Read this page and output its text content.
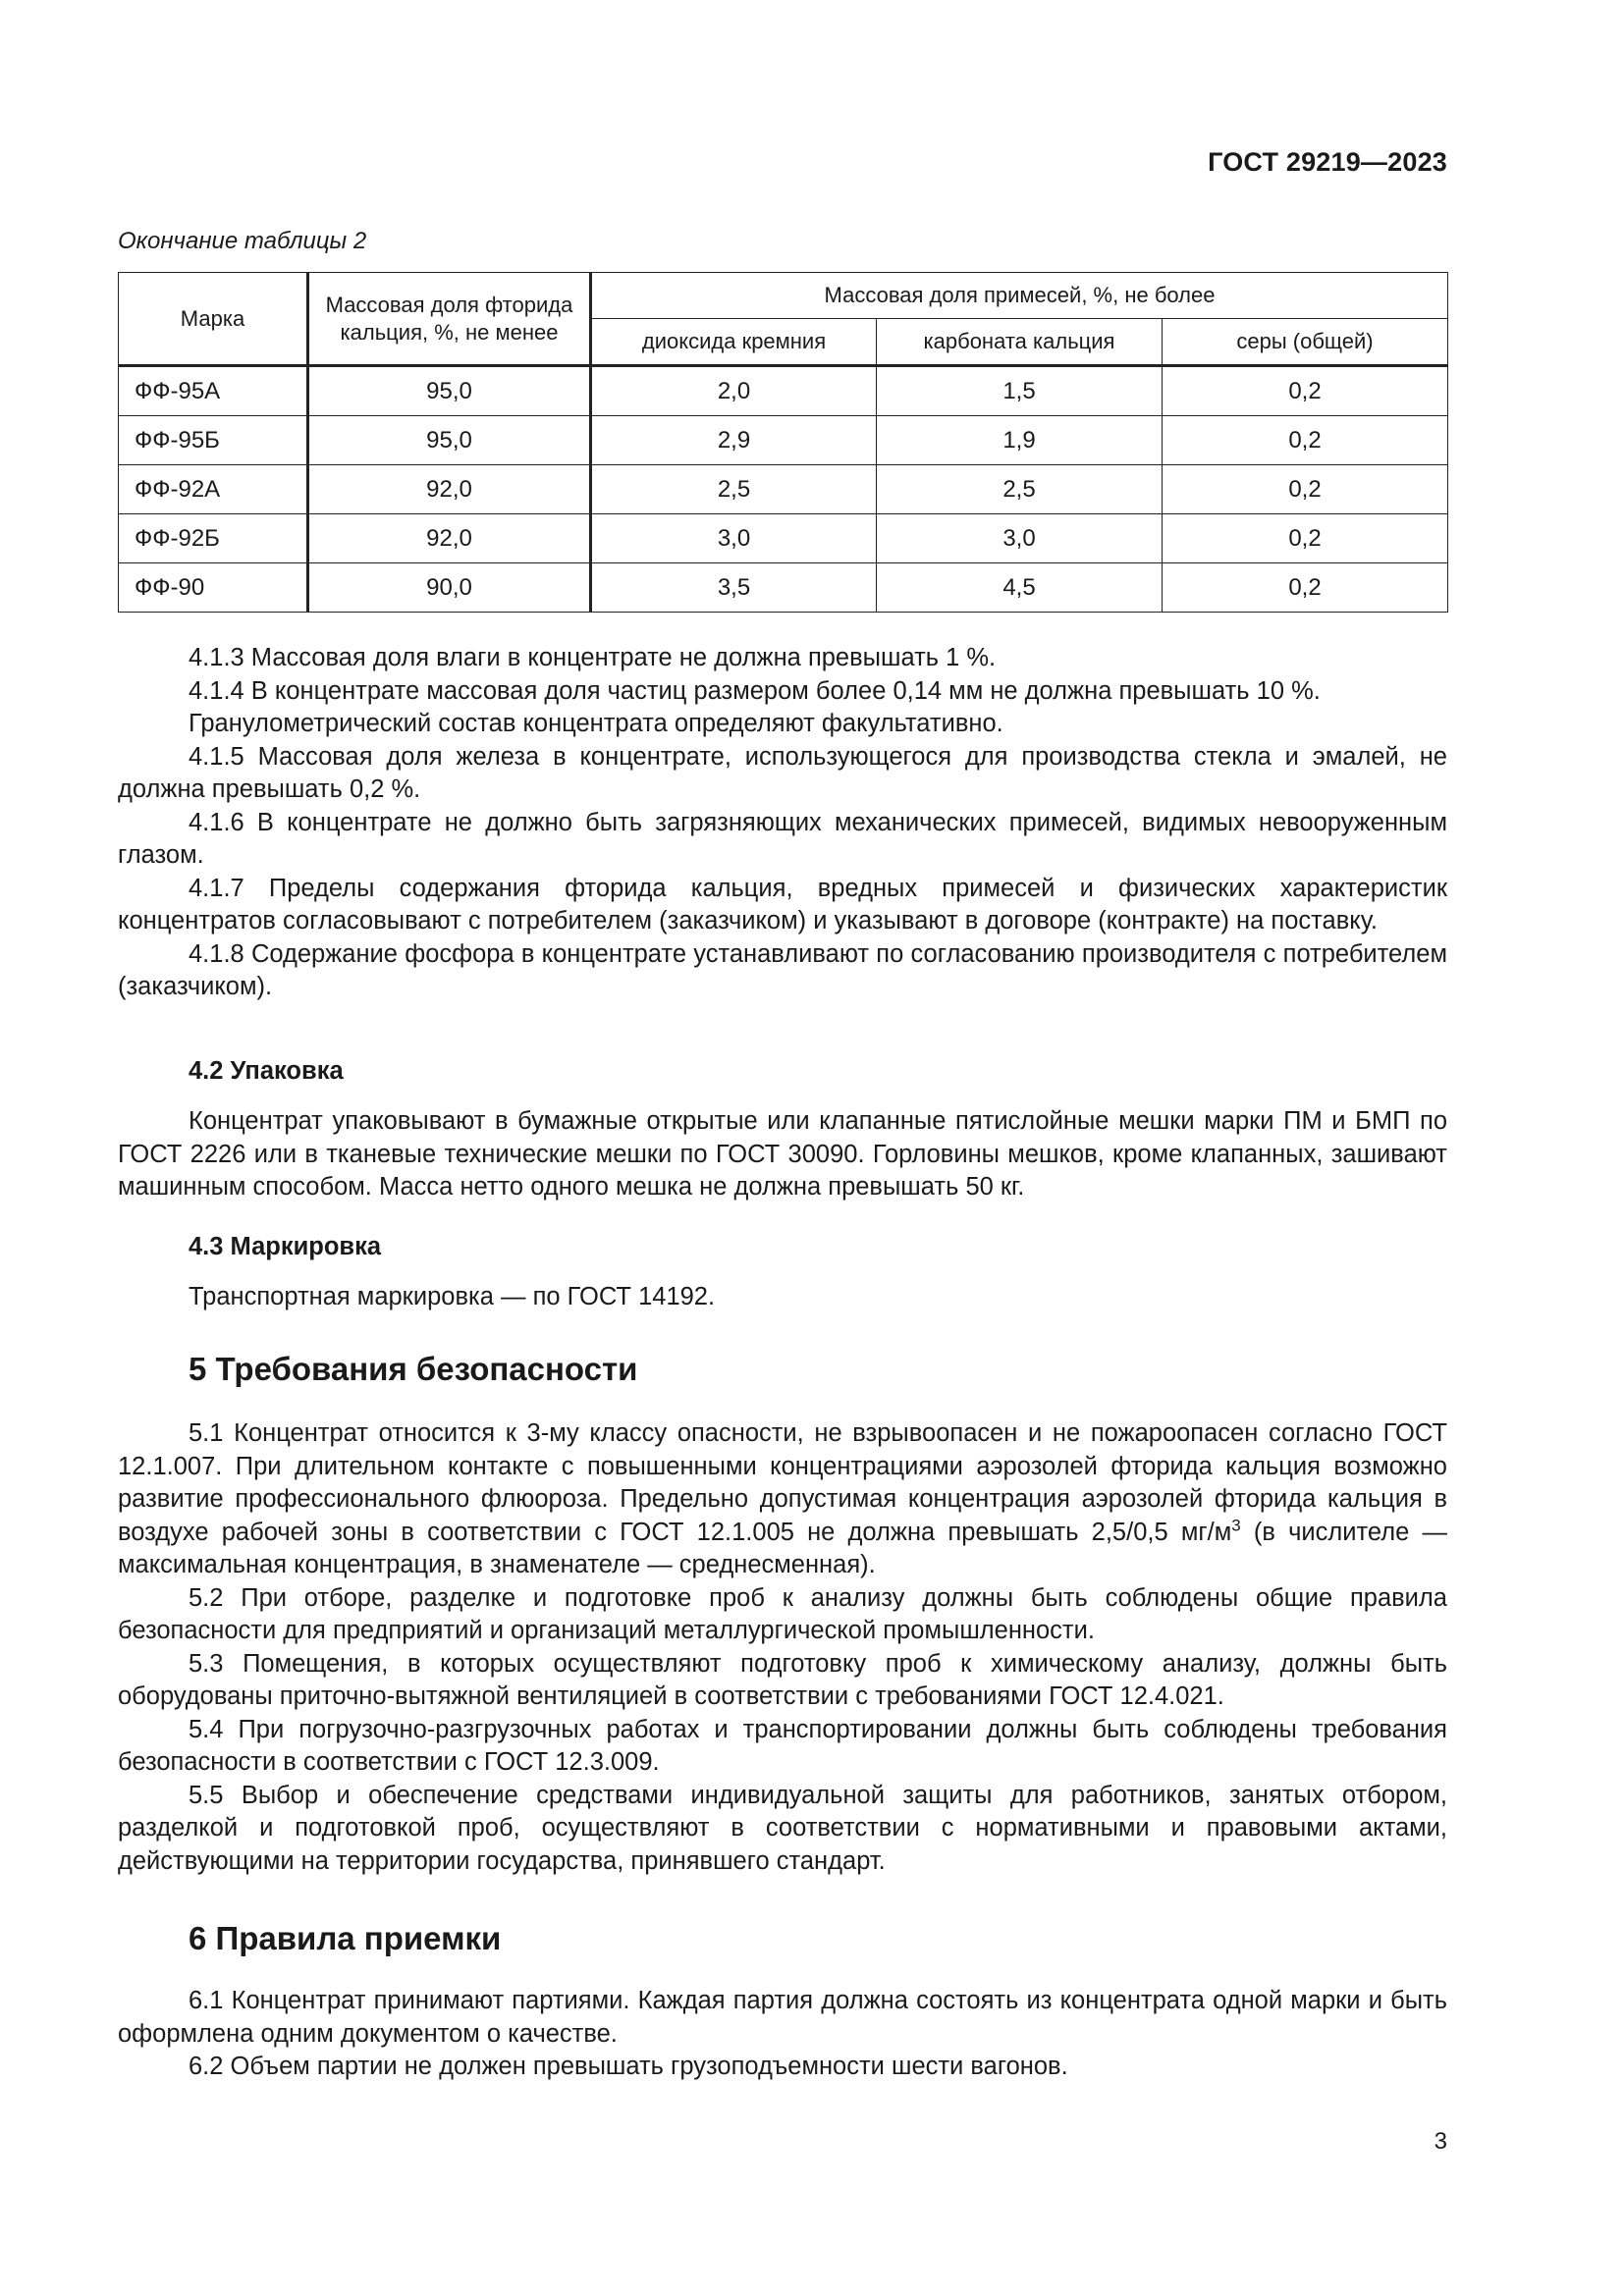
ГОСТ 29219—2023
Окончание таблицы 2
Марка	Массовая доля фторида кальция, %, не менее	Массовая доля примесей, %, не более		
		диоксида кремния	карбоната кальция	серы (общей)
ФФ-95А	95,0	2,0	1,5	0,2
ФФ-95Б	95,0	2,9	1,9	0,2
ФФ-92А	92,0	2,5	2,5	0,2
ФФ-92Б	92,0	3,0	3,0	0,2
ФФ-90	90,0	3,5	4,5	0,2

4.1.3 Массовая доля влаги в концентрате не должна превышать 1 %.

4.1.4 В концентрате массовая доля частиц размером более 0,14 мм не должна превышать 10 %.

Гранулометрический состав концентрата определяют факультативно.

4.1.5 Массовая доля железа в концентрате, использующегося для производства стекла и эмалей, не должна превышать 0,2 %.

4.1.6 В концентрате не должно быть загрязняющих механических примесей, видимых невооруженным глазом.

4.1.7 Пределы содержания фторида кальция, вредных примесей и физических характеристик концентратов согласовывают с потребителем (заказчиком) и указывают в договоре (контракте) на поставку.

4.1.8 Содержание фосфора в концентрате устанавливают по согласованию производителя с потребителем (заказчиком).

4.2 Упаковка

Концентрат упаковывают в бумажные открытые или клапанные пятислойные мешки марки ПМ и БМП по ГОСТ 2226 или в тканевые технические мешки по ГОСТ 30090. Горловины мешков, кроме клапанных, зашивают машинным способом. Масса нетто одного мешка не должна превышать 50 кг.

4.3 Маркировка

Транспортная маркировка — по ГОСТ 14192.

5 Требования безопасности

5.1 Концентрат относится к 3-му классу опасности, не взрывоопасен и не пожароопасен согласно ГОСТ 12.1.007. При длительном контакте с повышенными концентрациями аэрозолей фторида кальция возможно развитие профессионального флюороза. Предельно допустимая концентрация аэрозолей фторида кальция в воздухе рабочей зоны в соответствии с ГОСТ 12.1.005 не должна превышать 2,5/0,5 $мг/м^3$ (в числителе — максимальная концентрация, в знаменателе — среднесменная).

5.2 При отборе, разделке и подготовке проб к анализу должны быть соблюдены общие правила безопасности для предприятий и организаций металлургической промышленности.

5.3 Помещения, в которых осуществляют подготовку проб к химическому анализу, должны быть оборудованы приточно-вытяжной вентиляцией в соответствии с требованиями ГОСТ 12.4.021.

5.4 При погрузочно-разгрузочных работах и транспортировании должны быть соблюдены требования безопасности в соответствии с ГОСТ 12.3.009.

5.5 Выбор и обеспечение средствами индивидуальной защиты для работников, занятых отбором, разделкой и подготовкой проб, осуществляют в соответствии с нормативными и правовыми актами, действующими на территории государства, принявшего стандарт.

6 Правила приемки

6.1 Концентрат принимают партиями. Каждая партия должна состоять из концентрата одной марки и быть оформлена одним документом о качестве.

6.2 Объем партии не должен превышать грузоподъемности шести вагонов.

3
